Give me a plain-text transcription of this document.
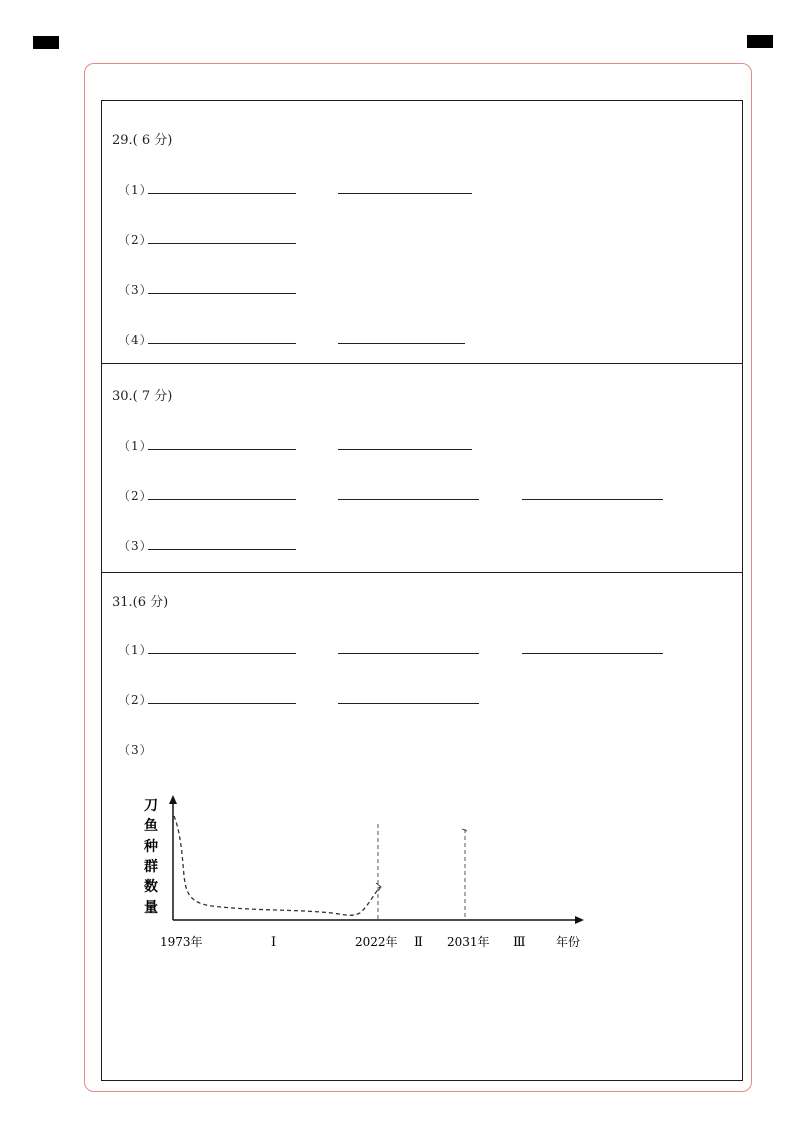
29.( 6 分)
（1）
（2）
（3）
（4）
30.( 7 分)
（1）
（2）
（3）
31.(6 分)
（1）
（2）
（3）
刀
鱼
种
群
数
量
1973年	2022年	2031年
Ⅰ	Ⅱ	Ⅲ	年份
